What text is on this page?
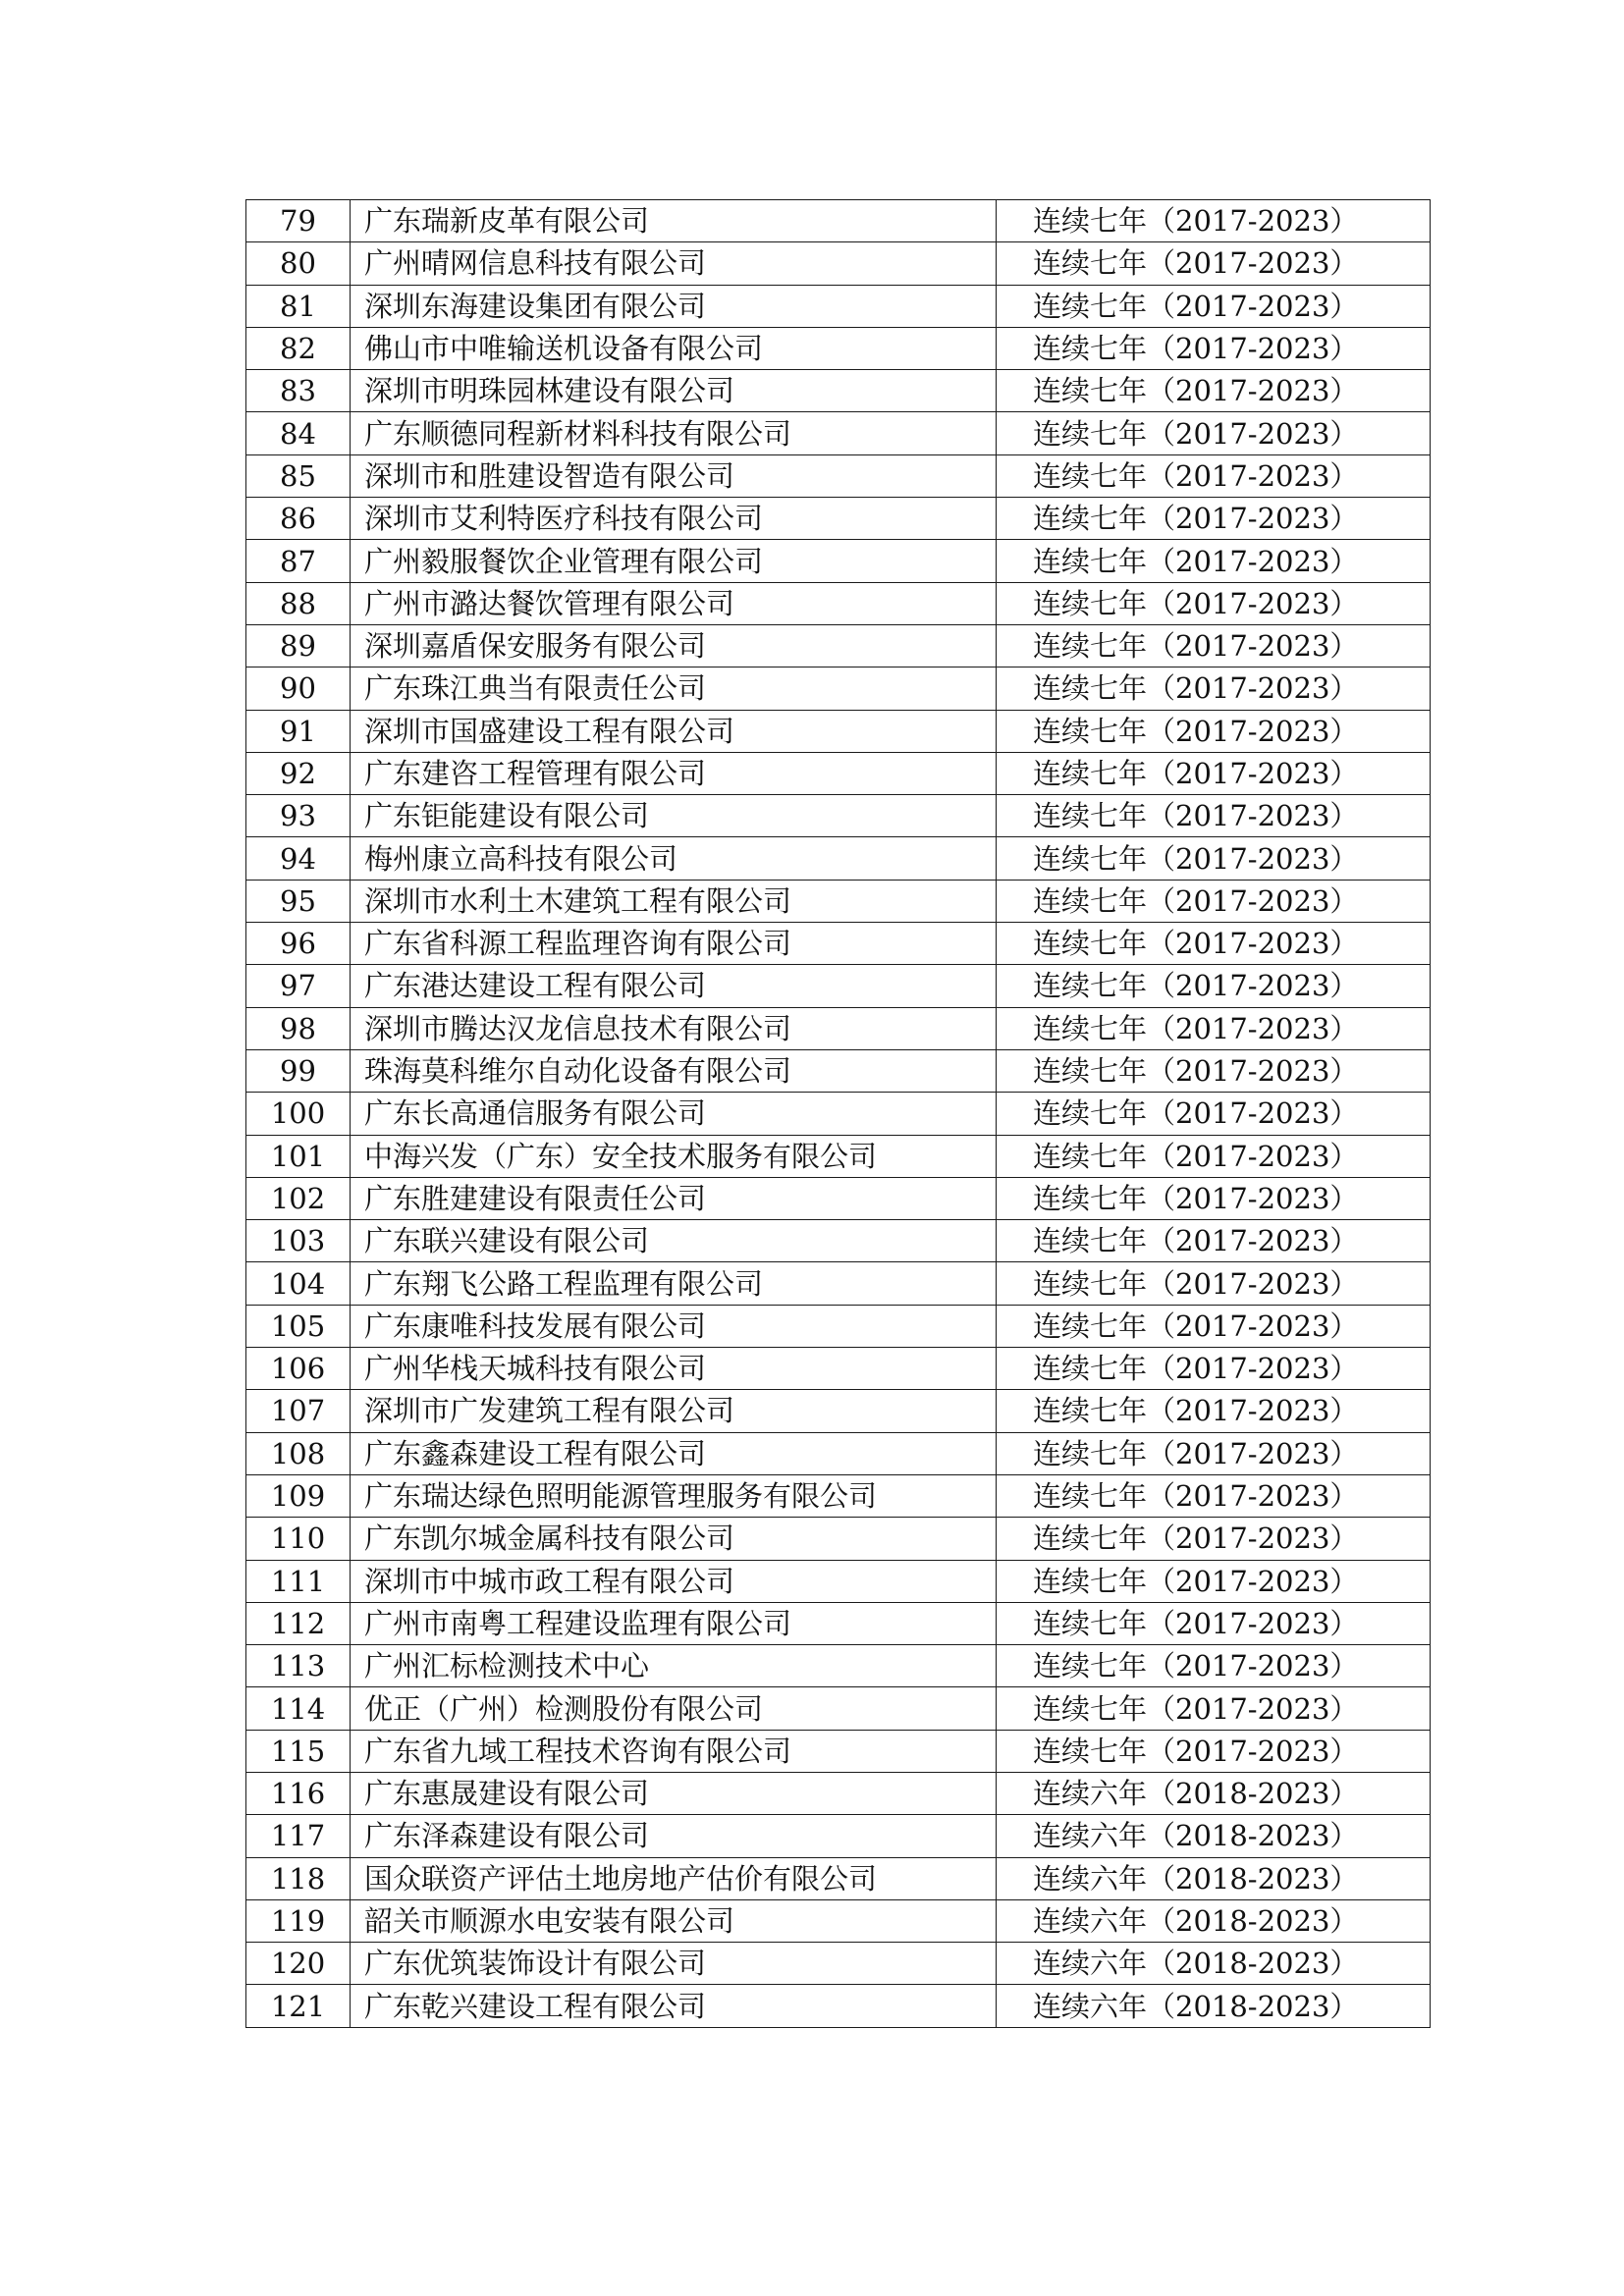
79	广东瑞新皮革有限公司	连续七年（2017-2023）
80	广州晴网信息科技有限公司	连续七年（2017-2023）
81	深圳东海建设集团有限公司	连续七年（2017-2023）
82	佛山市中唯输送机设备有限公司	连续七年（2017-2023）
83	深圳市明珠园林建设有限公司	连续七年（2017-2023）
84	广东顺德同程新材料科技有限公司	连续七年（2017-2023）
85	深圳市和胜建设智造有限公司	连续七年（2017-2023）
86	深圳市艾利特医疗科技有限公司	连续七年（2017-2023）
87	广州毅服餐饮企业管理有限公司	连续七年（2017-2023）
88	广州市潞达餐饮管理有限公司	连续七年（2017-2023）
89	深圳嘉盾保安服务有限公司	连续七年（2017-2023）
90	广东珠江典当有限责任公司	连续七年（2017-2023）
91	深圳市国盛建设工程有限公司	连续七年（2017-2023）
92	广东建咨工程管理有限公司	连续七年（2017-2023）
93	广东钜能建设有限公司	连续七年（2017-2023）
94	梅州康立高科技有限公司	连续七年（2017-2023）
95	深圳市水利土木建筑工程有限公司	连续七年（2017-2023）
96	广东省科源工程监理咨询有限公司	连续七年（2017-2023）
97	广东港达建设工程有限公司	连续七年（2017-2023）
98	深圳市腾达汉龙信息技术有限公司	连续七年（2017-2023）
99	珠海莫科维尔自动化设备有限公司	连续七年（2017-2023）
100	广东长高通信服务有限公司	连续七年（2017-2023）
101	中海兴发（广东）安全技术服务有限公司	连续七年（2017-2023）
102	广东胜建建设有限责任公司	连续七年（2017-2023）
103	广东联兴建设有限公司	连续七年（2017-2023）
104	广东翔飞公路工程监理有限公司	连续七年（2017-2023）
105	广东康唯科技发展有限公司	连续七年（2017-2023）
106	广州华栈天城科技有限公司	连续七年（2017-2023）
107	深圳市广发建筑工程有限公司	连续七年（2017-2023）
108	广东鑫森建设工程有限公司	连续七年（2017-2023）
109	广东瑞达绿色照明能源管理服务有限公司	连续七年（2017-2023）
110	广东凯尔城金属科技有限公司	连续七年（2017-2023）
111	深圳市中城市政工程有限公司	连续七年（2017-2023）
112	广州市南粤工程建设监理有限公司	连续七年（2017-2023）
113	广州汇标检测技术中心	连续七年（2017-2023）
114	优正（广州）检测股份有限公司	连续七年（2017-2023）
115	广东省九域工程技术咨询有限公司	连续七年（2017-2023）
116	广东惠晟建设有限公司	连续六年（2018-2023）
117	广东泽森建设有限公司	连续六年（2018-2023）
118	国众联资产评估土地房地产估价有限公司	连续六年（2018-2023）
119	韶关市顺源水电安装有限公司	连续六年（2018-2023）
120	广东优筑装饰设计有限公司	连续六年（2018-2023）
121	广东乾兴建设工程有限公司	连续六年（2018-2023）
